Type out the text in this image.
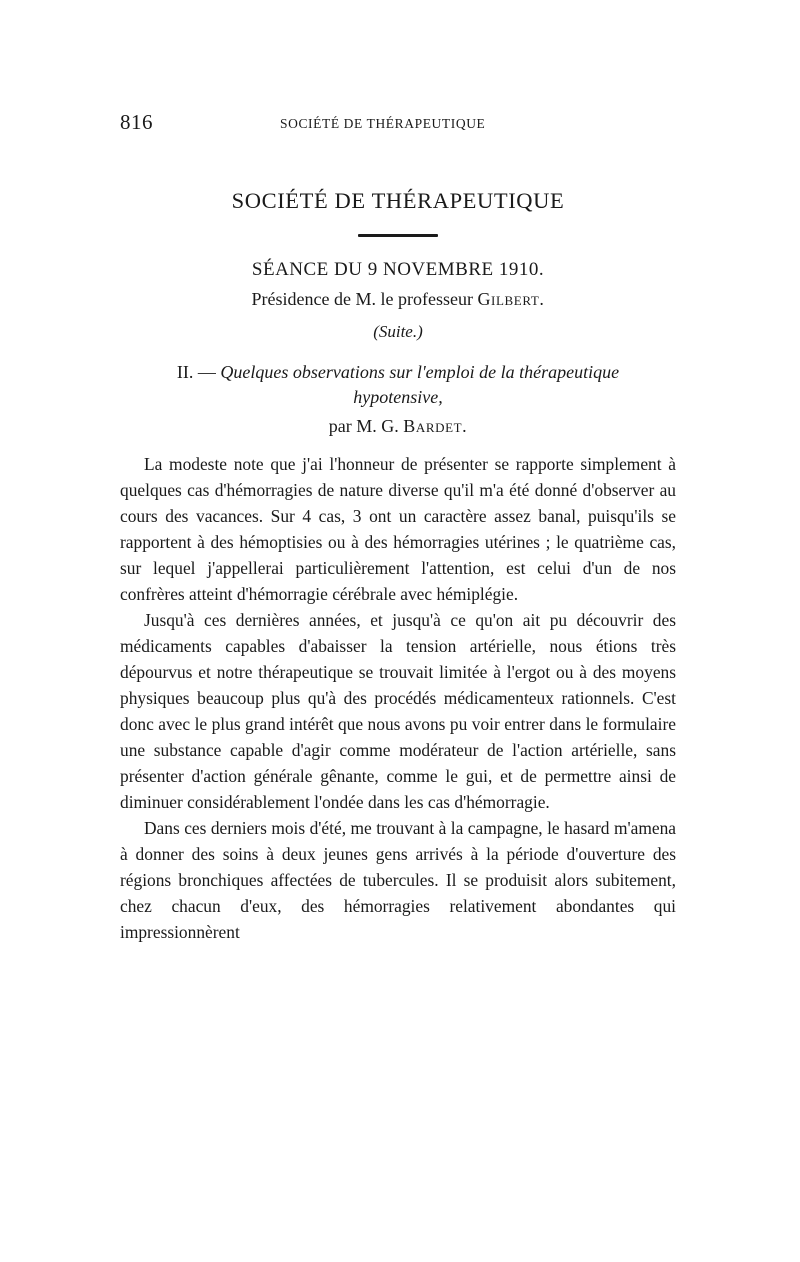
816	SOCIÉTÉ DE THÉRAPEUTIQUE
SOCIÉTÉ DE THÉRAPEUTIQUE
SÉANCE DU 9 NOVEMBRE 1910.
Présidence de M. le professeur Gilbert.
(Suite.)
II. — Quelques observations sur l'emploi de la thérapeutique
hypotensive,
par M. G. Bardet.

La modeste note que j'ai l'honneur de présenter se rapporte simplement à quelques cas d'hémorragies de nature diverse qu'il m'a été donné d'observer au cours des vacances. Sur 4 cas, 3 ont un caractère assez banal, puisqu'ils se rapportent à des hémoptisies ou à des hémorragies utérines ; le quatrième cas, sur lequel j'appellerai particulièrement l'attention, est celui d'un de nos confrères atteint d'hémorragie cérébrale avec hémiplégie.

Jusqu'à ces dernières années, et jusqu'à ce qu'on ait pu découvrir des médicaments capables d'abaisser la tension artérielle, nous étions très dépourvus et notre thérapeutique se trouvait limitée à l'ergot ou à des moyens physiques beaucoup plus qu'à des procédés médicamenteux rationnels. C'est donc avec le plus grand intérêt que nous avons pu voir entrer dans le formulaire une substance capable d'agir comme modérateur de l'action artérielle, sans présenter d'action générale gênante, comme le gui, et de permettre ainsi de diminuer considérablement l'ondée dans les cas d'hémorragie.

Dans ces derniers mois d'été, me trouvant à la campagne, le hasard m'amena à donner des soins à deux jeunes gens arrivés à la période d'ouverture des régions bronchiques affectées de tubercules. Il se produisit alors subitement, chez chacun d'eux, des hémorragies relativement abondantes qui impressionnèrent
